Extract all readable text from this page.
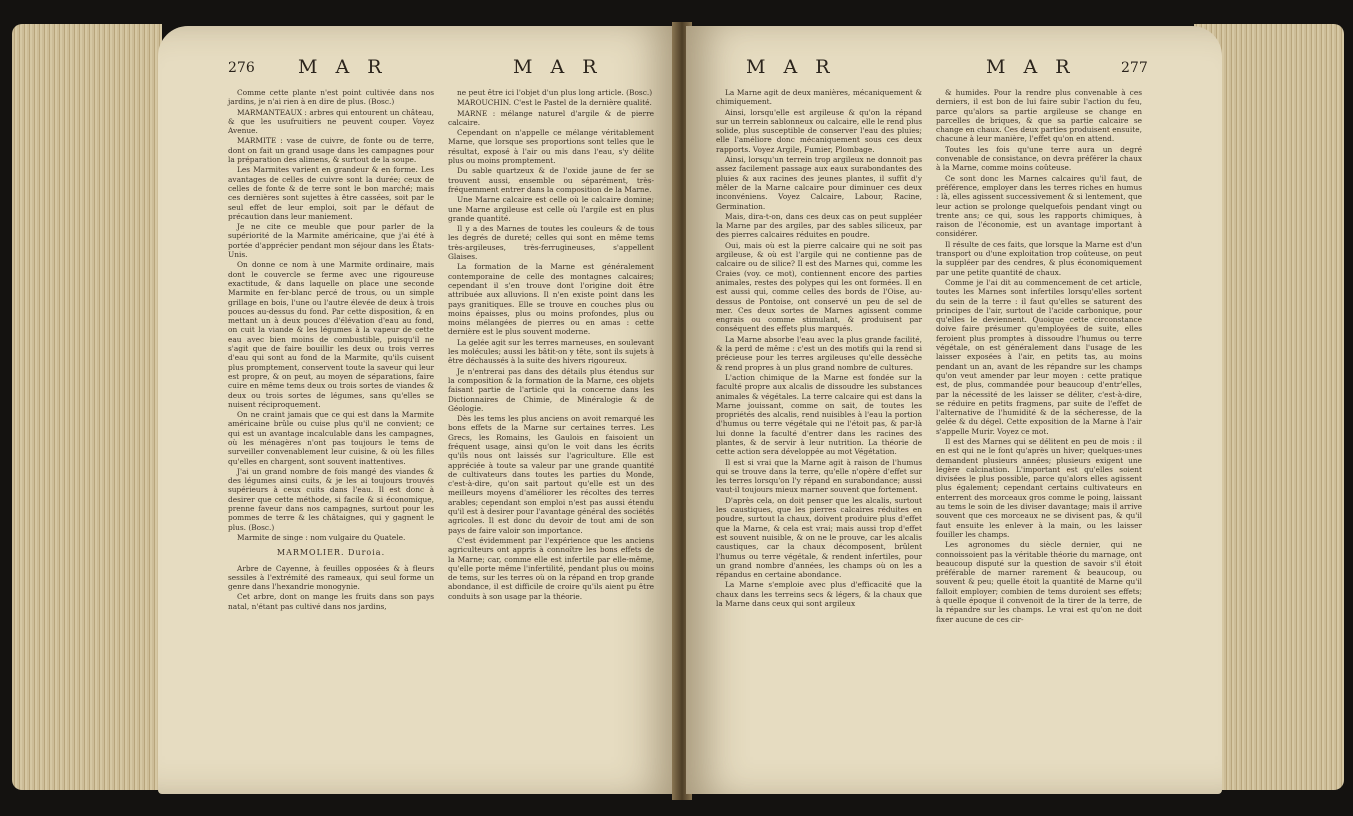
276 M A R	M A R

Comme cette plante n'est point cultivée dans nos jardins, je n'ai rien à en dire de plus. (Bosc.)

MARMANTEAUX : arbres qui entourent un château, & que les usufruitiers ne peuvent couper. Voyez Avenue.

MARMITE : vase de cuivre, de fonte ou de terre, dont on fait un grand usage dans les campagnes pour la préparation des alimens, & surtout de la soupe.

Les Marmites varient en grandeur & en forme. Les avantages de celles de cuivre sont la durée; ceux de celles de fonte & de terre sont le bon marché; mais ces dernières sont sujettes à être cassées, soit par le seul effet de leur emploi, soit par le défaut de précaution dans leur maniement.

Je ne cite ce meuble que pour parler de la supériorité de la Marmite américaine, que j'ai été à portée d'apprécier pendant mon séjour dans les États-Unis.

On donne ce nom à une Marmite ordinaire, mais dont le couvercle se ferme avec une rigoureuse exactitude, & dans laquelle on place une seconde Marmite en fer-blanc percé de trous, ou un simple grillage en bois, l'une ou l'autre élevée de deux à trois pouces au-dessus du fond. Par cette disposition, & en mettant un à deux pouces d'élévation d'eau au fond, on cuit la viande & les légumes à la vapeur de cette eau avec bien moins de combustible, puisqu'il ne s'agit que de faire bouillir les deux ou trois verres d'eau qui sont au fond de la Marmite, qu'ils cuisent plus promptement, conservent toute la saveur qui leur est propre, & on peut, au moyen de séparations, faire cuire en même tems deux ou trois sortes de viandes & deux ou trois sortes de légumes, sans qu'elles se nuisent réciproquement.

On ne craint jamais que ce qui est dans la Marmite américaine brûle ou cuise plus qu'il ne convient; ce qui est un avantage incalculable dans les campagnes, où les ménagères n'ont pas toujours le tems de surveiller convenablement leur cuisine, & où les filles qu'elles en chargent, sont souvent inattentives.

J'ai un grand nombre de fois mangé des viandes & des légumes ainsi cuits, & je les ai toujours trouvés supérieurs à ceux cuits dans l'eau. Il est donc à desirer que cette méthode, si facile & si économique, prenne faveur dans nos campagnes, surtout pour les pommes de terre & les châtaignes, qui y gagnent le plus. (Bosc.)

Marmite de singe : nom vulgaire du Quatele.

MARMOLIER. Duroia.

Arbre de Cayenne, à feuilles opposées & à fleurs sessiles à l'extrémité des rameaux, qui seul forme un genre dans l'hexandrie monogynie.

Cet arbre, dont on mange les fruits dans son pays natal, n'étant pas cultivé dans nos jardins,

ne peut être ici l'objet d'un plus long article. (Bosc.)

MAROUCHIN. C'est le Pastel de la dernière qualité.

MARNE : mélange naturel d'argile & de pierre calcaire.

Cependant on n'appelle ce mélange véritablement Marne, que lorsque ses proportions sont telles que le résultat, exposé à l'air ou mis dans l'eau, s'y délite plus ou moins promptement.

Du sable quartzeux & de l'oxide jaune de fer se trouvent aussi, ensemble ou séparément, très-fréquemment entrer dans la composition de la Marne.

Une Marne calcaire est celle où le calcaire domine; une Marne argileuse est celle où l'argile est en plus grande quantité.

Il y a des Marnes de toutes les couleurs & de tous les degrés de dureté; celles qui sont en même tems très-argileuses, très-ferrugineuses, s'appellent Glaises.

La formation de la Marne est généralement contemporaine de celle des montagnes calcaires; cependant il s'en trouve dont l'origine doit être attribuée aux alluvions. Il n'en existe point dans les pays granitiques. Elle se trouve en couches plus ou moins épaisses, plus ou moins profondes, plus ou moins mélangées de pierres ou en amas : cette dernière est le plus souvent moderne.

La gelée agit sur les terres marneuses, en soulevant les molécules; aussi les bâtit-on y tête, sont ils sujets à être déchaussés à la suite des hivers rigoureux.

Je n'entrerai pas dans des détails plus étendus sur la composition & la formation de la Marne, ces objets faisant partie de l'article qui la concerne dans les Dictionnaires de Chimie, de Minéralogie & de Géologie.

Dès les tems les plus anciens on avoit remarqué les bons effets de la Marne sur certaines terres. Les Grecs, les Romains, les Gaulois en faisoient un fréquent usage, ainsi qu'on le voit dans les écrits qu'ils nous ont laissés sur l'agriculture. Elle est appréciée à toute sa valeur par une grande quantité de cultivateurs dans toutes les parties du Monde, c'est-à-dire, qu'on sait partout qu'elle est un des meilleurs moyens d'améliorer les récoltes des terres arables; cependant son emploi n'est pas aussi étendu qu'il est à desirer pour l'avantage général des sociétés agricoles. Il est donc du devoir de tout ami de son pays de faire valoir son importance.

C'est évidemment par l'expérience que les anciens agriculteurs ont appris à connoître les bons effets de la Marne; car, comme elle est infertile par elle-même, qu'elle porte même l'infertilité, pendant plus ou moins de tems, sur les terres où on la répand en trop grande abondance, il est difficile de croire qu'ils aient pu être conduits à son usage par la théorie.

M A R	M A R	277

La Marne agit de deux manières, mécaniquement & chimiquement.

Ainsi, lorsqu'elle est argileuse & qu'on la répand sur un terrein sablonneux ou calcaire, elle le rend plus solide, plus susceptible de conserver l'eau des pluies; elle l'améliore donc mécaniquement sous ces deux rapports. Voyez Argile, Fumier, Plombage.

Ainsi, lorsqu'un terrein trop argileux ne donnoit pas assez facilement passage aux eaux surabondantes des pluies & aux racines des jeunes plantes, il suffit d'y mêler de la Marne calcaire pour diminuer ces deux inconvéniens. Voyez Calcaire, Labour, Racine, Germination.

Mais, dira-t-on, dans ces deux cas on peut suppléer la Marne par des argiles, par des sables siliceux, par des pierres calcaires réduites en poudre.

Oui, mais où est la pierre calcaire qui ne soit pas argileuse, & où est l'argile qui ne contienne pas de calcaire ou de silice? Il est des Marnes qui, comme les Craies (voy. ce mot), contiennent encore des parties animales, restes des polypes qui les ont formées. Il en est aussi qui, comme celles des bords de l'Oise, au-dessus de Pontoise, ont conservé un peu de sel de mer. Ces deux sortes de Marnes agissent comme engrais ou comme stimulant, & produisent par conséquent des effets plus marqués.

La Marne absorbe l'eau avec la plus grande facilité, & la perd de même : c'est un des motifs qui la rend si précieuse pour les terres argileuses qu'elle dessèche & rend propres à un plus grand nombre de cultures.

L'action chimique de la Marne est fondée sur la faculté propre aux alcalis de dissoudre les substances animales & végétales. La terre calcaire qui est dans la Marne jouissant, comme on sait, de toutes les propriétés des alcalis, rend nuisibles à l'eau la portion d'humus ou terre végétale qui ne l'étoit pas, & par-là lui donne la faculté d'entrer dans les racines des plantes, & de servir à leur nutrition. La théorie de cette action sera développée au mot Végétation.

Il est si vrai que la Marne agit à raison de l'humus qui se trouve dans la terre, qu'elle n'opère d'effet sur les terres lorsqu'on l'y répand en surabondance; aussi vaut-il toujours mieux marner souvent que fortement.

D'après cela, on doit penser que les alcalis, surtout les caustiques, que les pierres calcaires réduites en poudre, surtout la chaux, doivent produire plus d'effet que la Marne, & cela est vrai; mais aussi trop d'effet est souvent nuisible, & on ne le prouve, car les alcalis caustiques, car la chaux décomposent, brûlent l'humus ou terre végétale, & rendent infertiles, pour un grand nombre d'années, les champs où on les a répandus en certaine abondance.

La Marne s'emploie avec plus d'efficacité que la chaux dans les terreins secs & légers, & la chaux que la Marne dans ceux qui sont argileux

& humides. Pour la rendre plus convenable à ces derniers, il est bon de lui faire subir l'action du feu, parce qu'alors sa partie argileuse se change en parcelles de briques, & que sa partie calcaire se change en chaux. Ces deux parties produisent ensuite, chacune à leur manière, l'effet qu'on en attend.

Toutes les fois qu'une terre aura un degré convenable de consistance, on devra préférer la chaux à la Marne, comme moins coûteuse.

Ce sont donc les Marnes calcaires qu'il faut, de préférence, employer dans les terres riches en humus : là, elles agissent successivement & si lentement, que leur action se prolonge quelquefois pendant vingt ou trente ans; ce qui, sous les rapports chimiques, à raison de l'économie, est un avantage important à considérer.

Il résulte de ces faits, que lorsque la Marne est d'un transport ou d'une exploitation trop coûteuse, on peut la suppléer par des cendres, & plus économiquement par une petite quantité de chaux.

Comme je l'ai dit au commencement de cet article, toutes les Marnes sont infertiles lorsqu'elles sortent du sein de la terre : il faut qu'elles se saturent des principes de l'air, surtout de l'acide carbonique, pour qu'elles le deviennent. Quoique cette circonstance doive faire présumer qu'employées de suite, elles feroient plus promptes à dissoudre l'humus ou terre végétale, on est généralement dans l'usage de les laisser exposées à l'air, en petits tas, au moins pendant un an, avant de les répandre sur les champs qu'on veut amender par leur moyen : cette pratique est, de plus, commandée pour beaucoup d'entr'elles, par la nécessité de les laisser se déliter, c'est-à-dire, se réduire en petits fragmens, par suite de l'effet de l'alternative de l'humidité & de la sécheresse, de la gelée & du dégel. Cette exposition de la Marne à l'air s'appelle Murir. Voyez ce mot.

Il est des Marnes qui se délitent en peu de mois : il en est qui ne le font qu'après un hiver; quelques-unes demandent plusieurs années; plusieurs exigent une légère calcination. L'important est qu'elles soient divisées le plus possible, parce qu'alors elles agissent plus également; cependant certains cultivateurs en enterrent des morceaux gros comme le poing, laissant au tems le soin de les diviser davantage; mais il arrive souvent que ces morceaux ne se divisent pas, & qu'il faut ensuite les enlever à la main, ou les laisser fouiller les champs.

Les agronomes du siècle dernier, qui ne connoissoient pas la véritable théorie du marnage, ont beaucoup disputé sur la question de savoir s'il étoit préférable de marner rarement & beaucoup, ou souvent & peu; quelle étoit la quantité de Marne qu'il falloit employer; combien de tems duroient ses effets; à quelle époque il convenoit de la tirer de la terre, de la répandre sur les champs. Le vrai est qu'on ne doit fixer aucune de ces cir-
